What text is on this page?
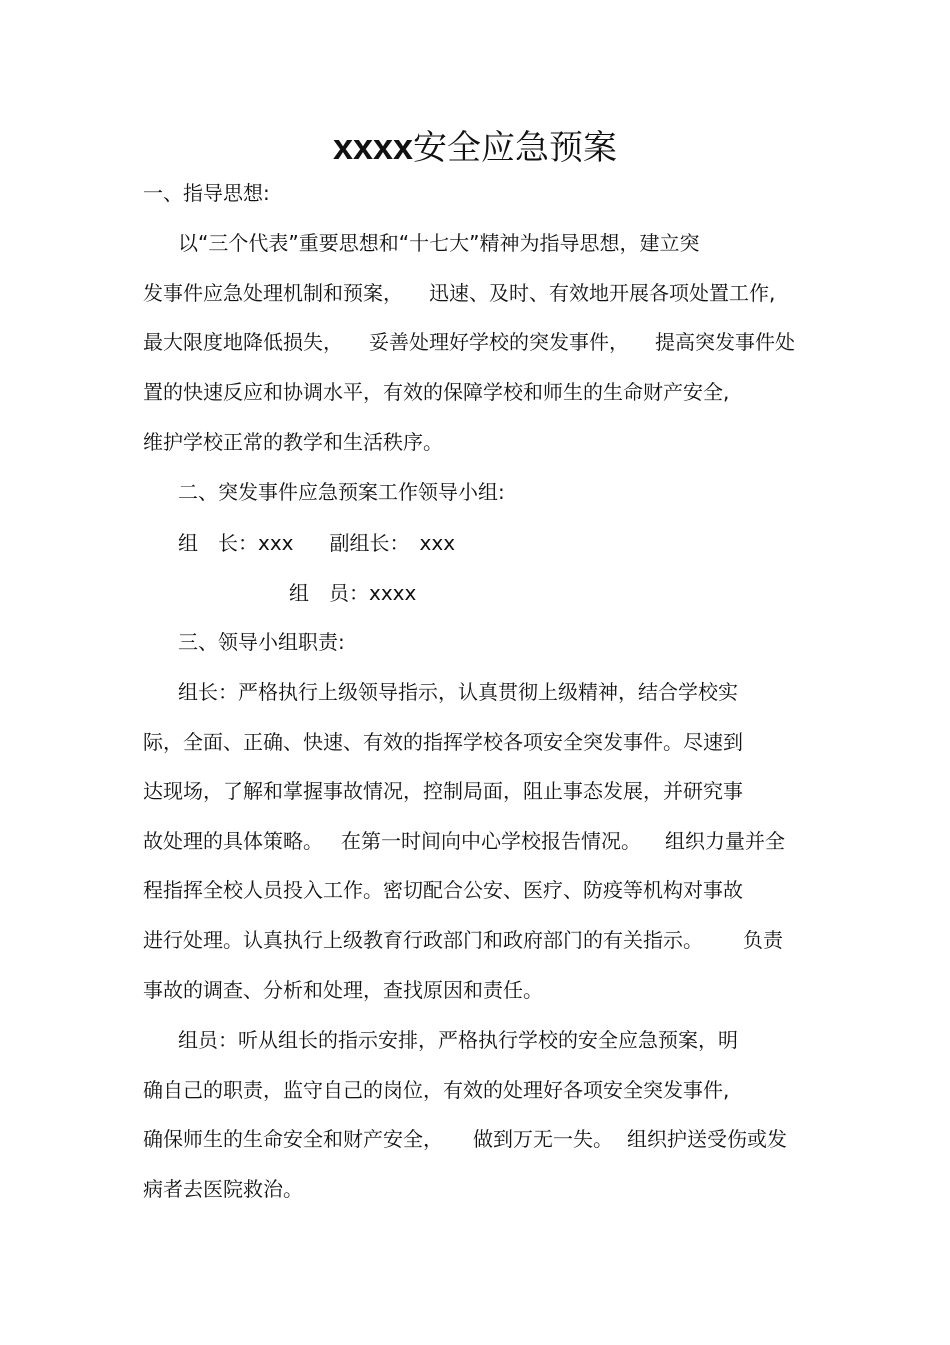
xxxx安全应急预案
一、指导思想:
以“三个代表”重要思想和“十七大”精神为指导思想，建立突
发事件应急处理机制和预案， 迅速、及时、有效地开展各项处置工作,
最大限度地降低损失， 妥善处理好学校的突发事件， 提高突发事件处
置的快速反应和协调水平，有效的保障学校和师生的生命财产安全,
维护学校正常的教学和生活秩序。
二、突发事件应急预案工作领导小组:
组 长：xxx 副组长： xxx
组 员：xxxx
三、领导小组职责:
组长：严格执行上级领导指示，认真贯彻上级精神，结合学校实
际，全面、正确、快速、有效的指挥学校各项安全突发事件。尽速到
达现场，了解和掌握事故情况，控制局面，阻止事态发展，并研究事
故处理的具体策略。 在第一时间向中心学校报告情况。 组织力量并全
程指挥全校人员投入工作。密切配合公安、医疗、防疫等机构对事故
进行处理。认真执行上级教育行政部门和政府部门的有关指示。 负责
事故的调查、分析和处理，查找原因和责任。
组员：听从组长的指示安排，严格执行学校的安全应急预案，明
确自己的职责，监守自己的岗位，有效的处理好各项安全突发事件,
确保师生的生命安全和财产安全， 做到万无一失。 组织护送受伤或发
病者去医院救治。
